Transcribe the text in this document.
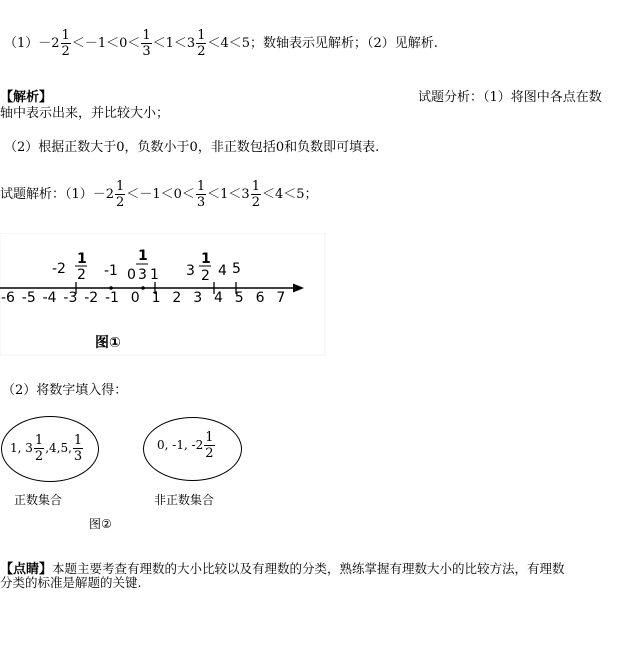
$(1)-2 \frac{1}{2} <-1<0< \frac{1}{3} <1<3 \frac{1}{2} <4<5$；数轴表示见解析；（2）见解析.
【解析】	试题分析：（1）将图中各点在数
轴中表示出来，并比较大小；
（2）根据正数大于0，负数小于0，非正数包括0和负数即可填表.
试题解析：$(1)-2 \frac{1}{2} <-1<0< \frac{1}{3} <1<3 \frac{1}{2} <4<5$；
-6 -5 -4 -3 -2 -1 0 1 2 3 4 5 6 7
-2
1
2 -1 0
1
3 1 3
1
2 4 5
图①
（2）将数字填入得：
1, $3 \frac{1}{2} ,4,5$, $\frac{1}{3}$
正数集合
0, -1, $-2 \frac{1}{2}$
非正数集合
图②
【点睛】本题主要考查有理数的大小比较以及有理数的分类，熟练掌握有理数大小的比较方法，有理数
分类的标准是解题的关键.
